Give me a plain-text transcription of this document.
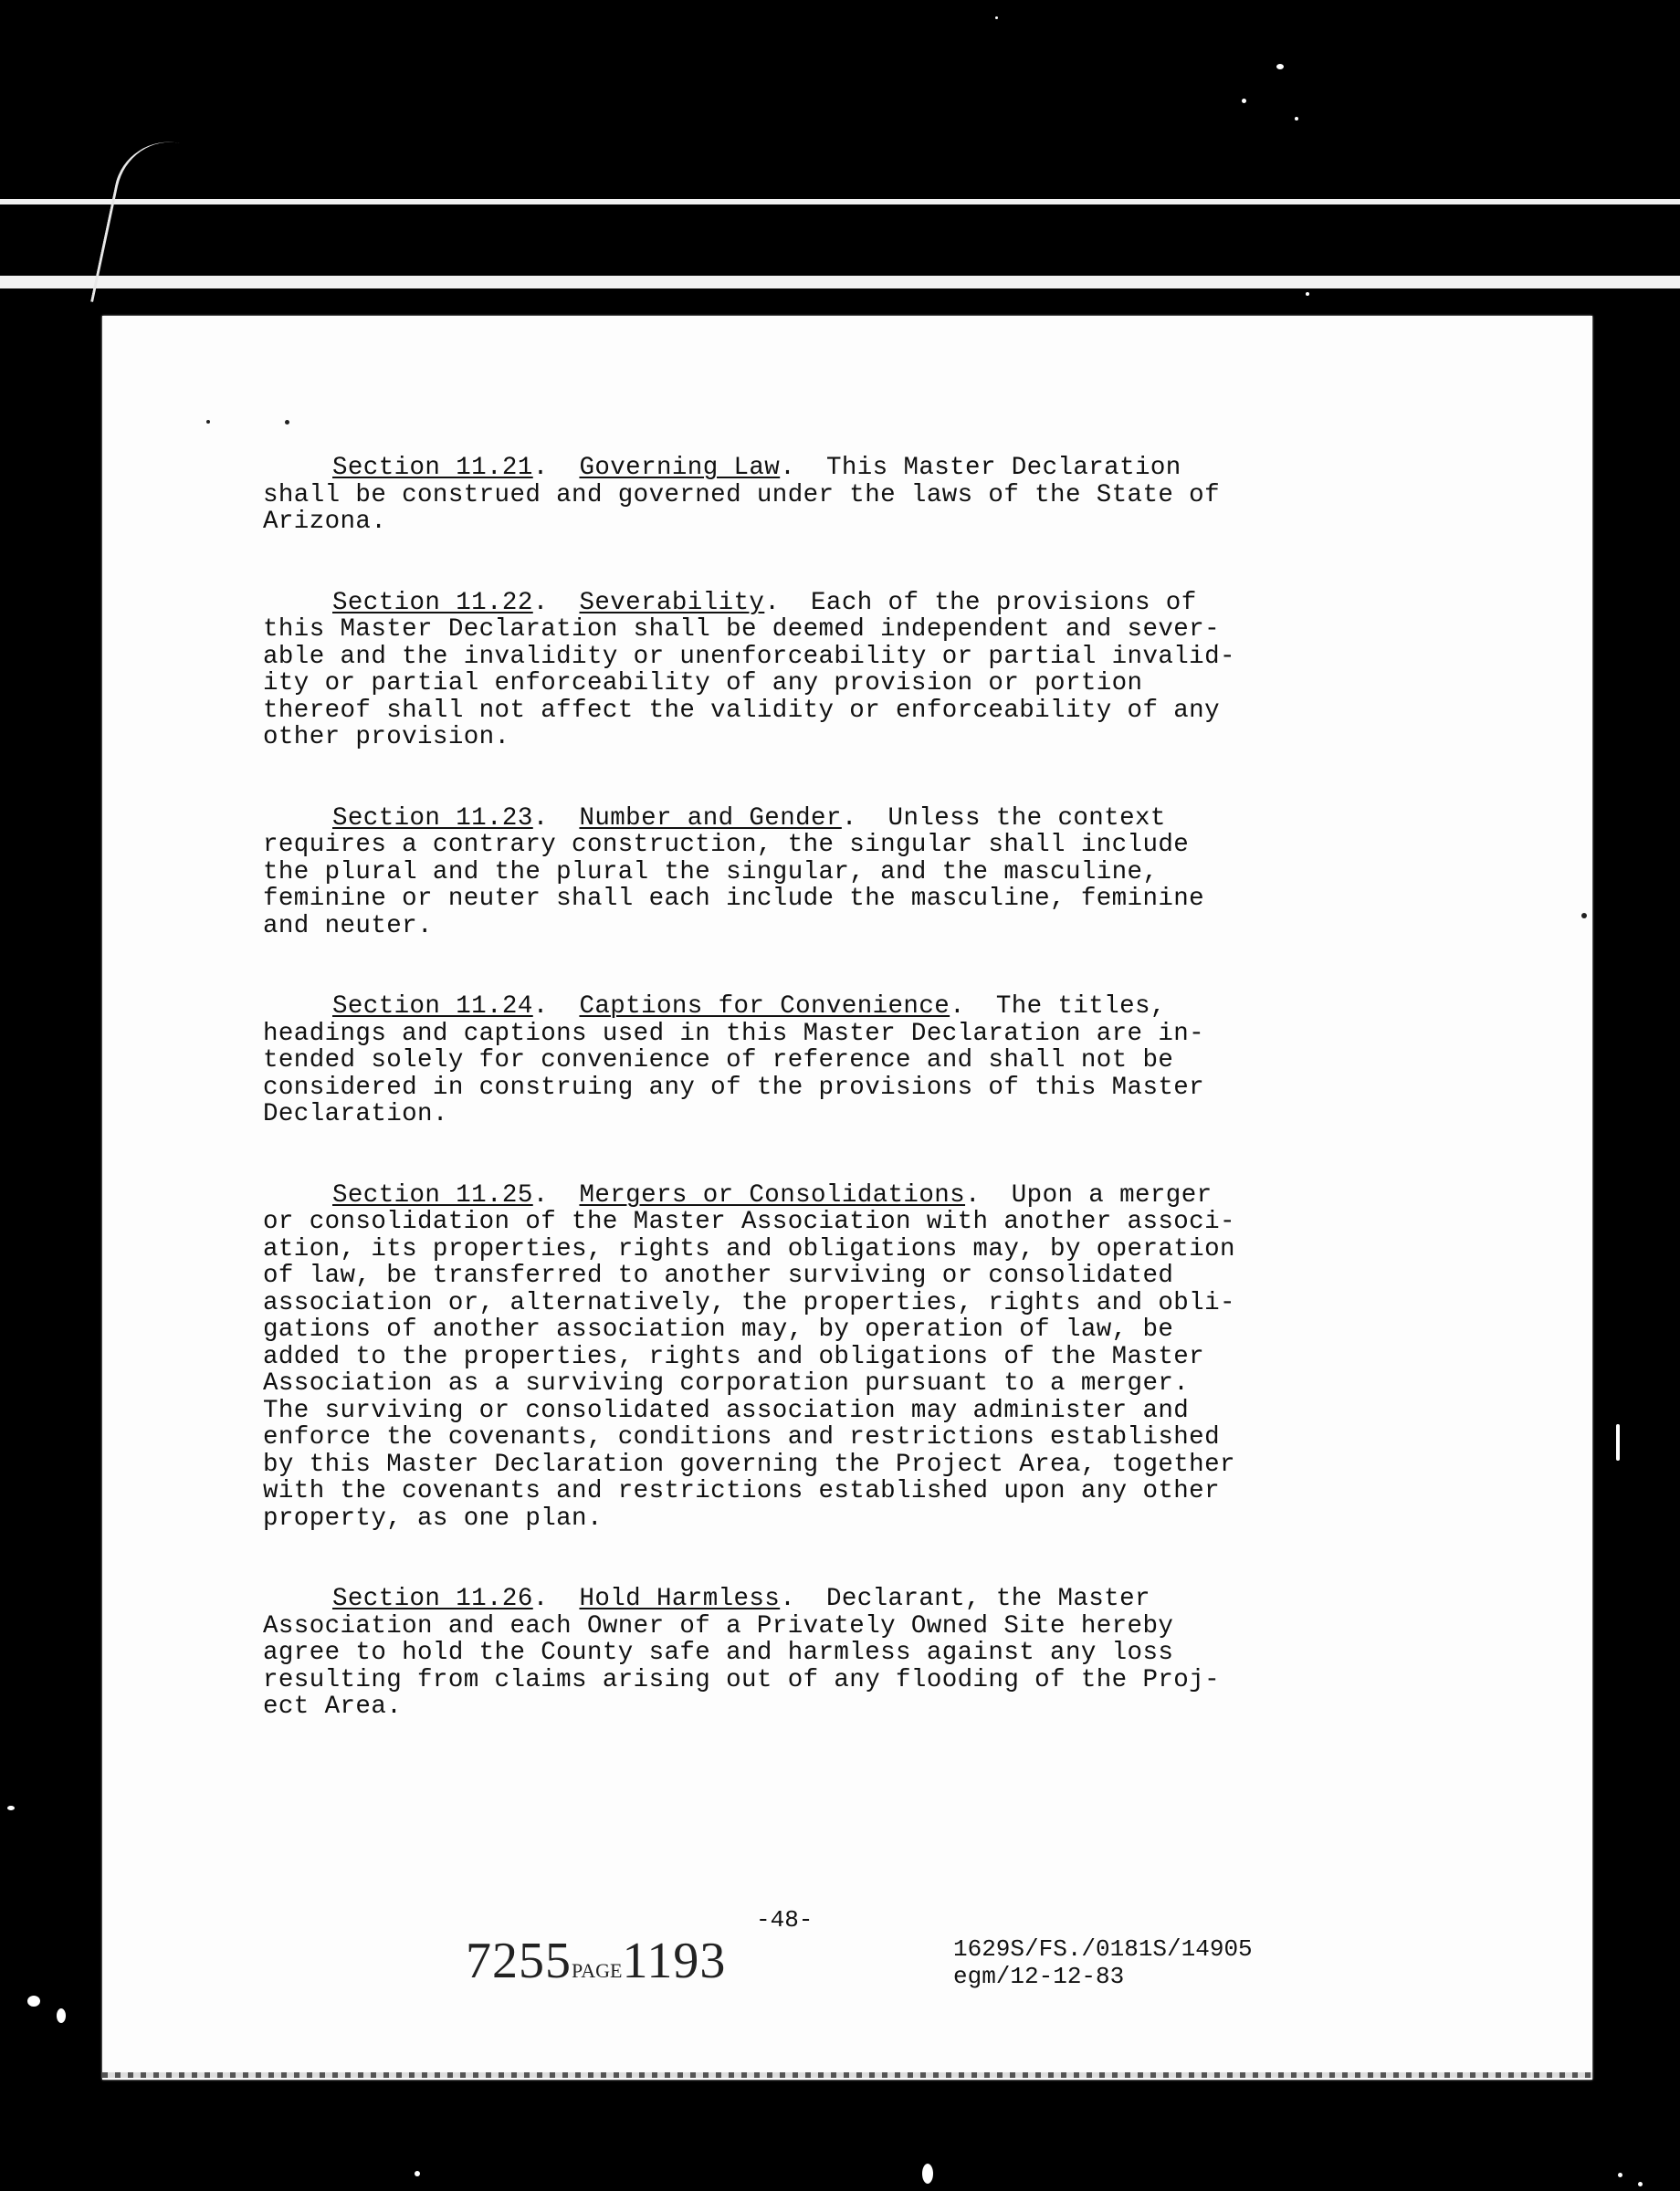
Section 11.21.  Governing Law.  This Master Declaration
shall be construed and governed under the laws of the State of
Arizona.

Section 11.22.  Severability.  Each of the provisions of
this Master Declaration shall be deemed independent and sever-
able and the invalidity or unenforceability or partial invalid-
ity or partial enforceability of any provision or portion
thereof shall not affect the validity or enforceability of any
other provision.

Section 11.23.  Number and Gender.  Unless the context
requires a contrary construction, the singular shall include
the plural and the plural the singular, and the masculine,
feminine or neuter shall each include the masculine, feminine
and neuter.

Section 11.24.  Captions for Convenience.  The titles,
headings and captions used in this Master Declaration are in-
tended solely for convenience of reference and shall not be
considered in construing any of the provisions of this Master
Declaration.

Section 11.25.  Mergers or Consolidations.  Upon a merger
or consolidation of the Master Association with another associ-
ation, its properties, rights and obligations may, by operation
of law, be transferred to another surviving or consolidated
association or, alternatively, the properties, rights and obli-
gations of another association may, by operation of law, be
added to the properties, rights and obligations of the Master
Association as a surviving corporation pursuant to a merger.
The surviving or consolidated association may administer and
enforce the covenants, conditions and restrictions established
by this Master Declaration governing the Project Area, together
with the covenants and restrictions established upon any other
property, as one plan.

Section 11.26.  Hold Harmless.  Declarant, the Master
Association and each Owner of a Privately Owned Site hereby
agree to hold the County safe and harmless against any loss
resulting from claims arising out of any flooding of the Proj-
ect Area.

-48-
7255PAGE1193	1629S/FS./0181S/14905
egm/12-12-83
